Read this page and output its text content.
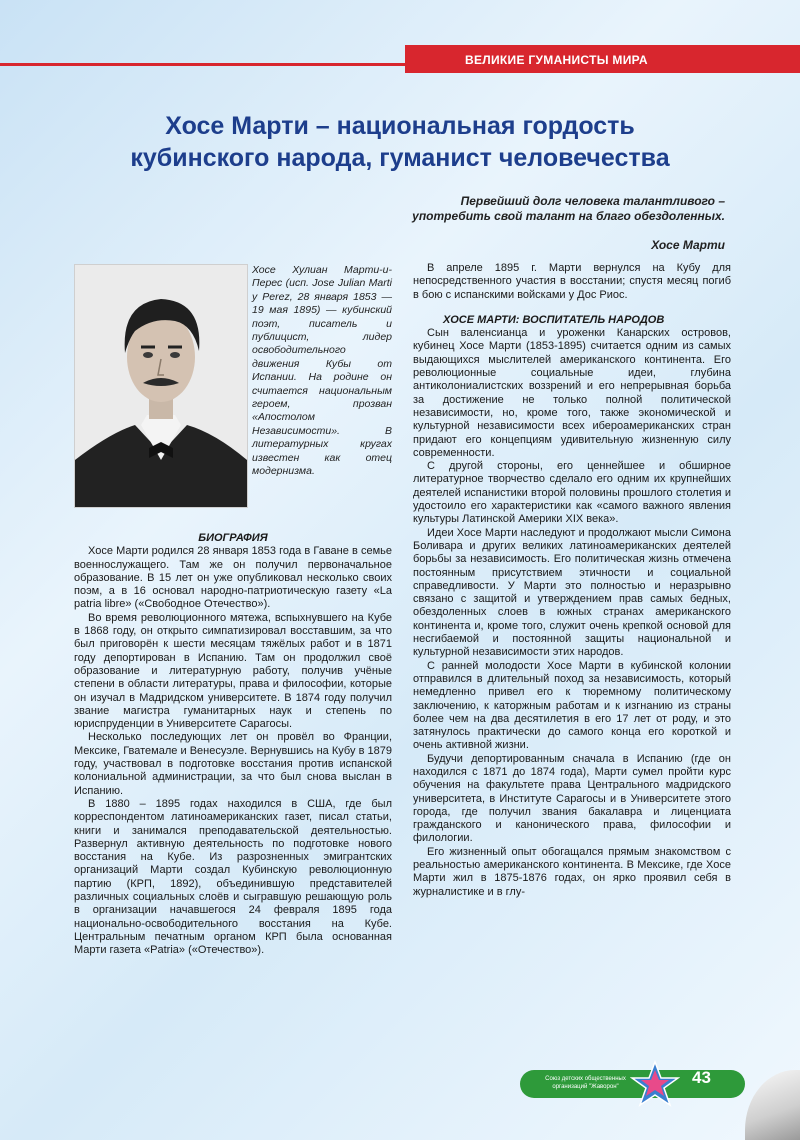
ВЕЛИКИЕ ГУМАНИСТЫ МИРА
Хосе Марти – национальная гордость
кубинского народа, гуманист человечества
Первейший долг человека талантливого –
употребить свой талант на благо обездоленных.
Хосе Марти
Хосе Хулиан Марти-и-Перес (исп. Jose Julian Marti y Perez, 28 января 1853 — 19 мая 1895) — кубинский поэт, писатель и публицист, лидер освободительного движения Кубы от Испании. На родине он считается национальным героем, прозван «Апостолом Независимости». В литературных кругах известен как отец модернизма.
БИОГРАФИЯ

Хосе Марти родился 28 января 1853 года в Гаване в семье военнослужащего. Там же он получил первоначальное образование. В 15 лет он уже опубликовал несколько своих поэм, а в 16 основал народно-патриотическую газету «La patria libre» («Свободное Отечество»).

Во время революционного мятежа, вспыхнувшего на Кубе в 1868 году, он открыто симпатизировал восставшим, за что был приговорён к шести месяцам тяжёлых работ и в 1871 году депортирован в Испанию. Там он продолжил своё образование и литературную работу, получив учёные степени в области литературы, права и философии, которые он изучал в Мадридском университете. В 1874 году получил звание магистра гуманитарных наук и степень по юриспруденции в Университете Сарагосы.

Несколько последующих лет он провёл во Франции, Мексике, Гватемале и Венесуэле. Вернувшись на Кубу в 1879 году, участвовал в подготовке восстания против испанской колониальной администрации, за что был снова выслан в Испанию.

В 1880 – 1895 годах находился в США, где был корреспондентом латиноамериканских газет, писал статьи, книги и занимался преподавательской деятельностью. Развернул активную деятельность по подготовке нового восстания на Кубе. Из разрозненных эмигрантских организаций Марти создал Кубинскую революционную партию (КРП, 1892), объединившую представителей различных социальных слоёв и сыгравшую решающую роль в организации начавшегося 24 февраля 1895 года национально-освободительного восстания на Кубе. Центральным печатным органом КРП была основанная Марти газета «Patria» («Отечество»).

В апреле 1895 г. Марти вернулся на Кубу для непосредственного участия в восстании; спустя месяц погиб в бою с испанскими войсками у Дос Риос.

ХОСЕ МАРТИ: ВОСПИТАТЕЛЬ НАРОДОВ

Сын валенсианца и уроженки Канарских островов, кубинец Хосе Марти (1853-1895) считается одним из самых выдающихся мыслителей американского континента. Его революционные социальные идеи, глубина антиколониалистских воззрений и его непрерывная борьба за достижение не только полной политической независимости, но, кроме того, также экономической и культурной независимости всех ибероамериканских стран придают его концепциям удивительную жизненную силу современности.

С другой стороны, его ценнейшее и обширное литературное творчество сделало его одним их крупнейших деятелей испанистики второй половины прошлого столетия и удостоило его характеристики как «самого важного явления культуры Латинской Америки XIX века».

Идеи Хосе Марти наследуют и продолжают мысли Симона Боливара и других великих латиноамериканских деятелей борьбы за независимость. Его политическая жизнь отмечена постоянным присутствием этичности и социальной справедливости. У Марти это полностью и неразрывно связано с защитой и утверждением прав самых бедных, обездоленных слоев в южных странах американского континента и, кроме того, служит очень крепкой основой для несгибаемой и постоянной защиты национальной и культурной независимости этих народов.

С ранней молодости Хосе Марти в кубинской колонии отправился в длительный поход за независимость, который немедленно привел его к тюремному политическому заключению, к каторжным работам и к изгнанию из страны более чем на два десятилетия в его 17 лет от роду, и это затянулось практически до самого конца его короткой и очень активной жизни.

Будучи депортированным сначала в Испанию (где он находился с 1871 до 1874 года), Марти сумел пройти курс обучения на факультете права Центрального мадридского университета, в Институте Сарагосы и в Университете этого города, где получил звания бакалавра и лиценциата гражданского и канонического права, философии и филологии.

Его жизненный опыт обогащался прямым знакомством с реальностью американского континента. В Мексике, где Хосе Марти жил в 1875-1876 годах, он ярко проявил себя в журналистике и в глу-

Союз детских общественных организаций "Жаворон"	43
